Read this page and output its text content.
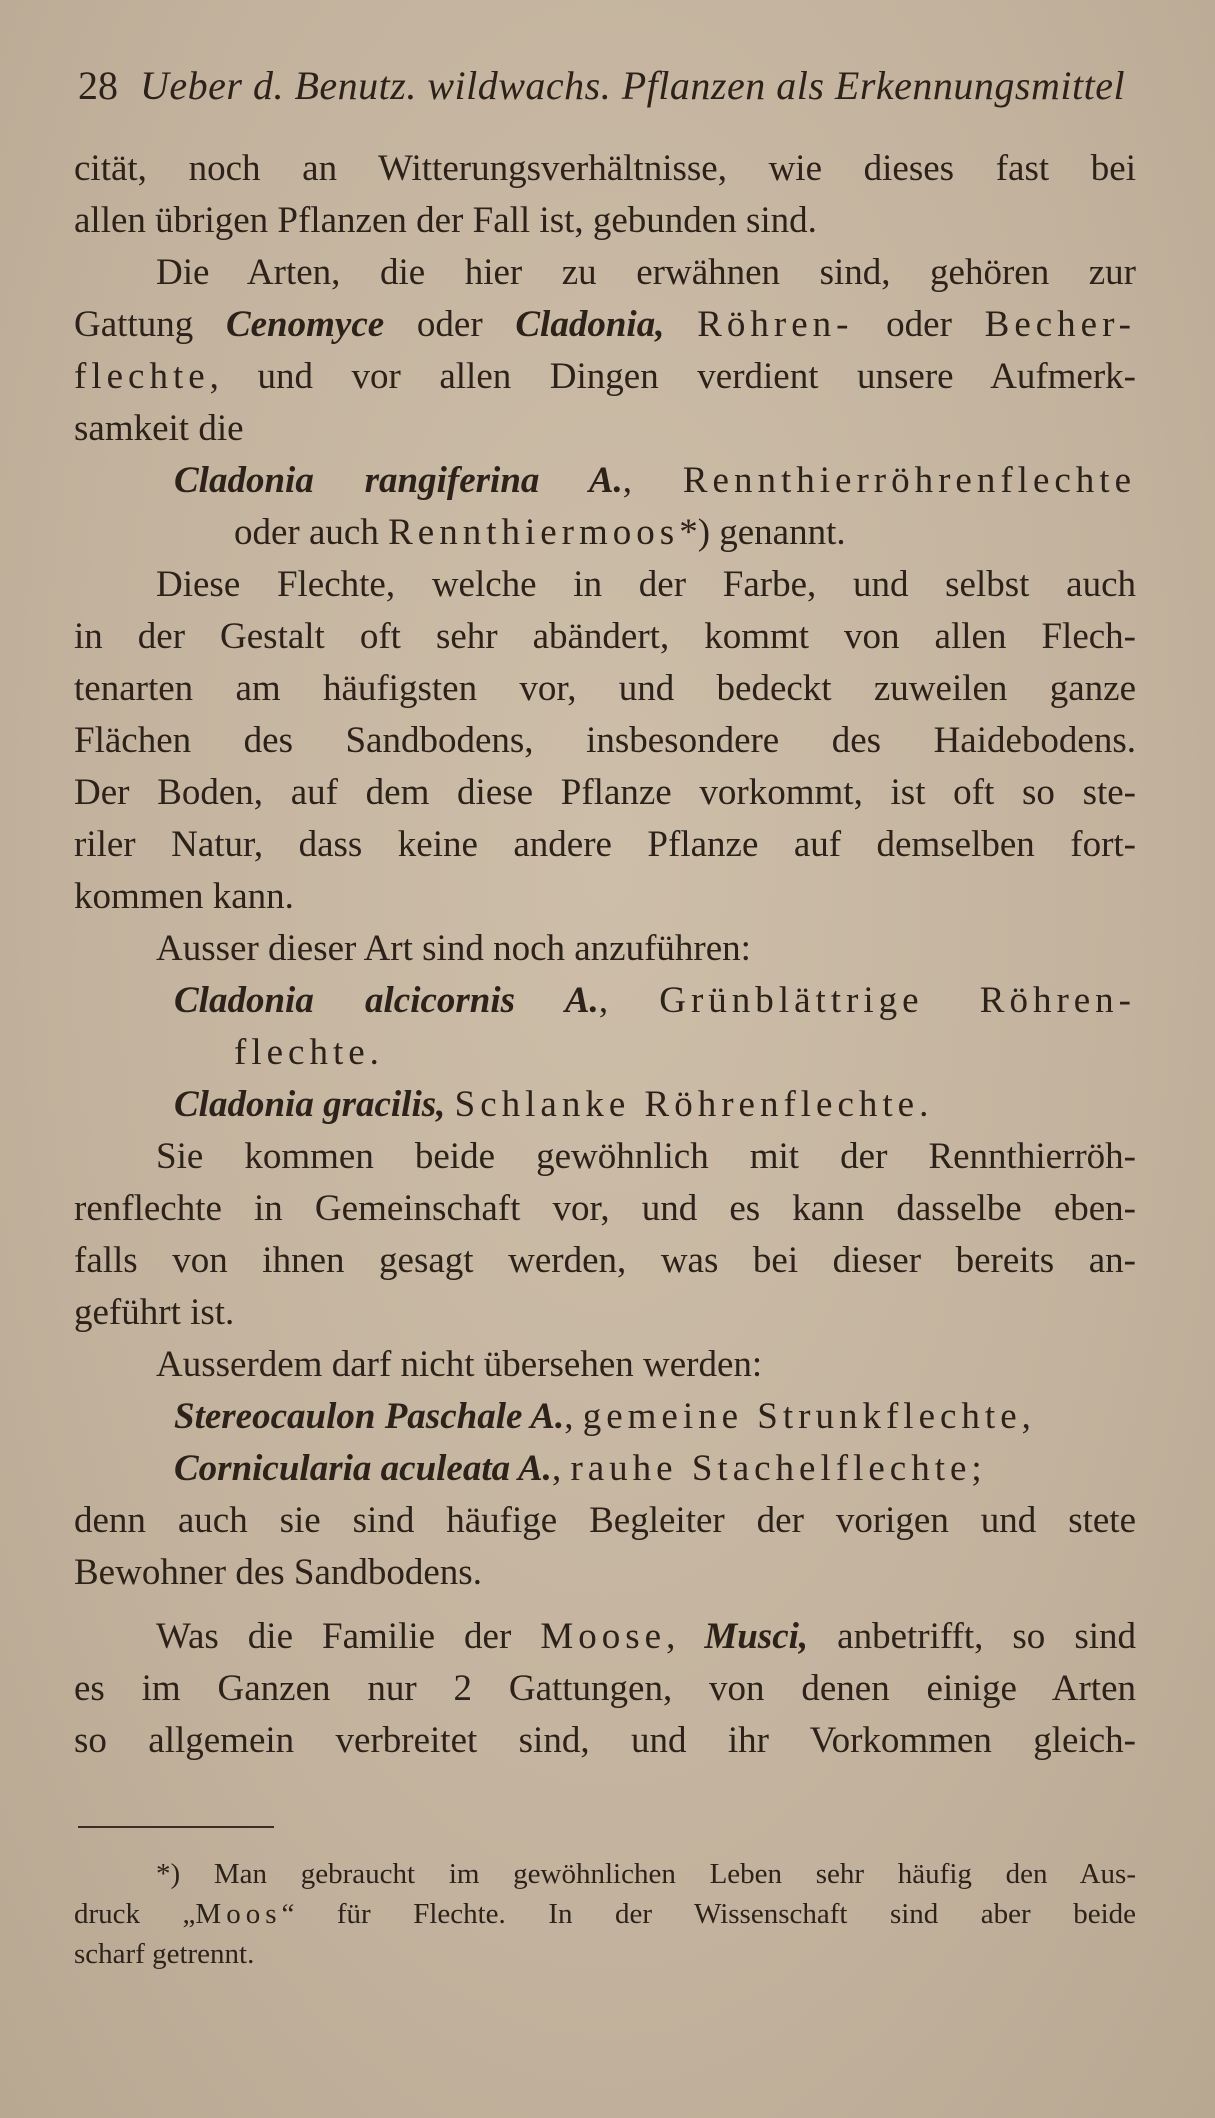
28 Ueber d. Benutz. wildwachs. Pflanzen als Erkennungsmittel
cität, noch an Witterungsverhältnisse, wie dieses fast bei
allen übrigen Pflanzen der Fall ist, gebunden sind.
Die Arten, die hier zu erwähnen sind, gehören zur
Gattung Cenomyce oder Cladonia, Röhren- oder Becher-
flechte, und vor allen Dingen verdient unsere Aufmerk-
samkeit die
Cladonia rangiferina A., Rennthierröhrenflechte
oder auch Rennthiermoos*) genannt.
Diese Flechte, welche in der Farbe, und selbst auch
in der Gestalt oft sehr abändert, kommt von allen Flech-
tenarten am häufigsten vor, und bedeckt zuweilen ganze
Flächen des Sandbodens, insbesondere des Haidebodens.
Der Boden, auf dem diese Pflanze vorkommt, ist oft so ste-
riler Natur, dass keine andere Pflanze auf demselben fort-
kommen kann.
Ausser dieser Art sind noch anzuführen:
Cladonia alcicornis A., Grünblättrige Röhren-
flechte.
Cladonia gracilis, Schlanke Röhrenflechte.
Sie kommen beide gewöhnlich mit der Rennthierröh-
renflechte in Gemeinschaft vor, und es kann dasselbe eben-
falls von ihnen gesagt werden, was bei dieser bereits an-
geführt ist.
Ausserdem darf nicht übersehen werden:
Stereocaulon Paschale A., gemeine Strunkflechte,
Cornicularia aculeata A., rauhe Stachelflechte;
denn auch sie sind häufige Begleiter der vorigen und stete
Bewohner des Sandbodens.
Was die Familie der Moose, Musci, anbetrifft, so sind
es im Ganzen nur 2 Gattungen, von denen einige Arten
so allgemein verbreitet sind, und ihr Vorkommen gleich-
*) Man gebraucht im gewöhnlichen Leben sehr häufig den Aus-
druck „Moos“ für Flechte. In der Wissenschaft sind aber beide
scharf getrennt.
